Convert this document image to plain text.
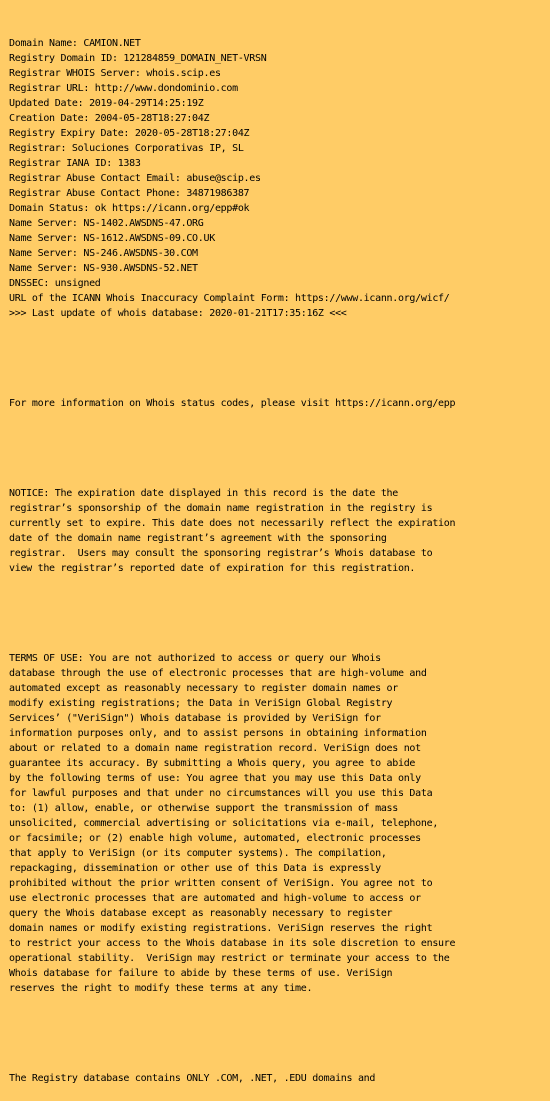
Domain Name: CAMION.NET
Registry Domain ID: 121284859_DOMAIN_NET-VRSN
Registrar WHOIS Server: whois.scip.es
Registrar URL: http://www.dondominio.com
Updated Date: 2019-04-29T14:25:19Z
Creation Date: 2004-05-28T18:27:04Z
Registry Expiry Date: 2020-05-28T18:27:04Z
Registrar: Soluciones Corporativas IP, SL
Registrar IANA ID: 1383
Registrar Abuse Contact Email: abuse@scip.es
Registrar Abuse Contact Phone: 34871986387
Domain Status: ok https://icann.org/epp#ok
Name Server: NS-1402.AWSDNS-47.ORG
Name Server: NS-1612.AWSDNS-09.CO.UK
Name Server: NS-246.AWSDNS-30.COM
Name Server: NS-930.AWSDNS-52.NET
DNSSEC: unsigned
URL of the ICANN Whois Inaccuracy Complaint Form: https://www.icann.org/wicf/
>>> Last update of whois database: 2020-01-21T17:35:16Z <<<

For more information on Whois status codes, please visit https://icann.org/epp

NOTICE: The expiration date displayed in this record is the date the
registrar’s sponsorship of the domain name registration in the registry is
currently set to expire. This date does not necessarily reflect the expiration
date of the domain name registrant’s agreement with the sponsoring
registrar.  Users may consult the sponsoring registrar’s Whois database to
view the registrar’s reported date of expiration for this registration.

TERMS OF USE: You are not authorized to access or query our Whois
database through the use of electronic processes that are high-volume and
automated except as reasonably necessary to register domain names or
modify existing registrations; the Data in VeriSign Global Registry
Services’ ("VeriSign") Whois database is provided by VeriSign for
information purposes only, and to assist persons in obtaining information
about or related to a domain name registration record. VeriSign does not
guarantee its accuracy. By submitting a Whois query, you agree to abide
by the following terms of use: You agree that you may use this Data only
for lawful purposes and that under no circumstances will you use this Data
to: (1) allow, enable, or otherwise support the transmission of mass
unsolicited, commercial advertising or solicitations via e-mail, telephone,
or facsimile; or (2) enable high volume, automated, electronic processes
that apply to VeriSign (or its computer systems). The compilation,
repackaging, dissemination or other use of this Data is expressly
prohibited without the prior written consent of VeriSign. You agree not to
use electronic processes that are automated and high-volume to access or
query the Whois database except as reasonably necessary to register
domain names or modify existing registrations. VeriSign reserves the right
to restrict your access to the Whois database in its sole discretion to ensure
operational stability.  VeriSign may restrict or terminate your access to the
Whois database for failure to abide by these terms of use. VeriSign
reserves the right to modify these terms at any time.

The Registry database contains ONLY .COM, .NET, .EDU domains and
